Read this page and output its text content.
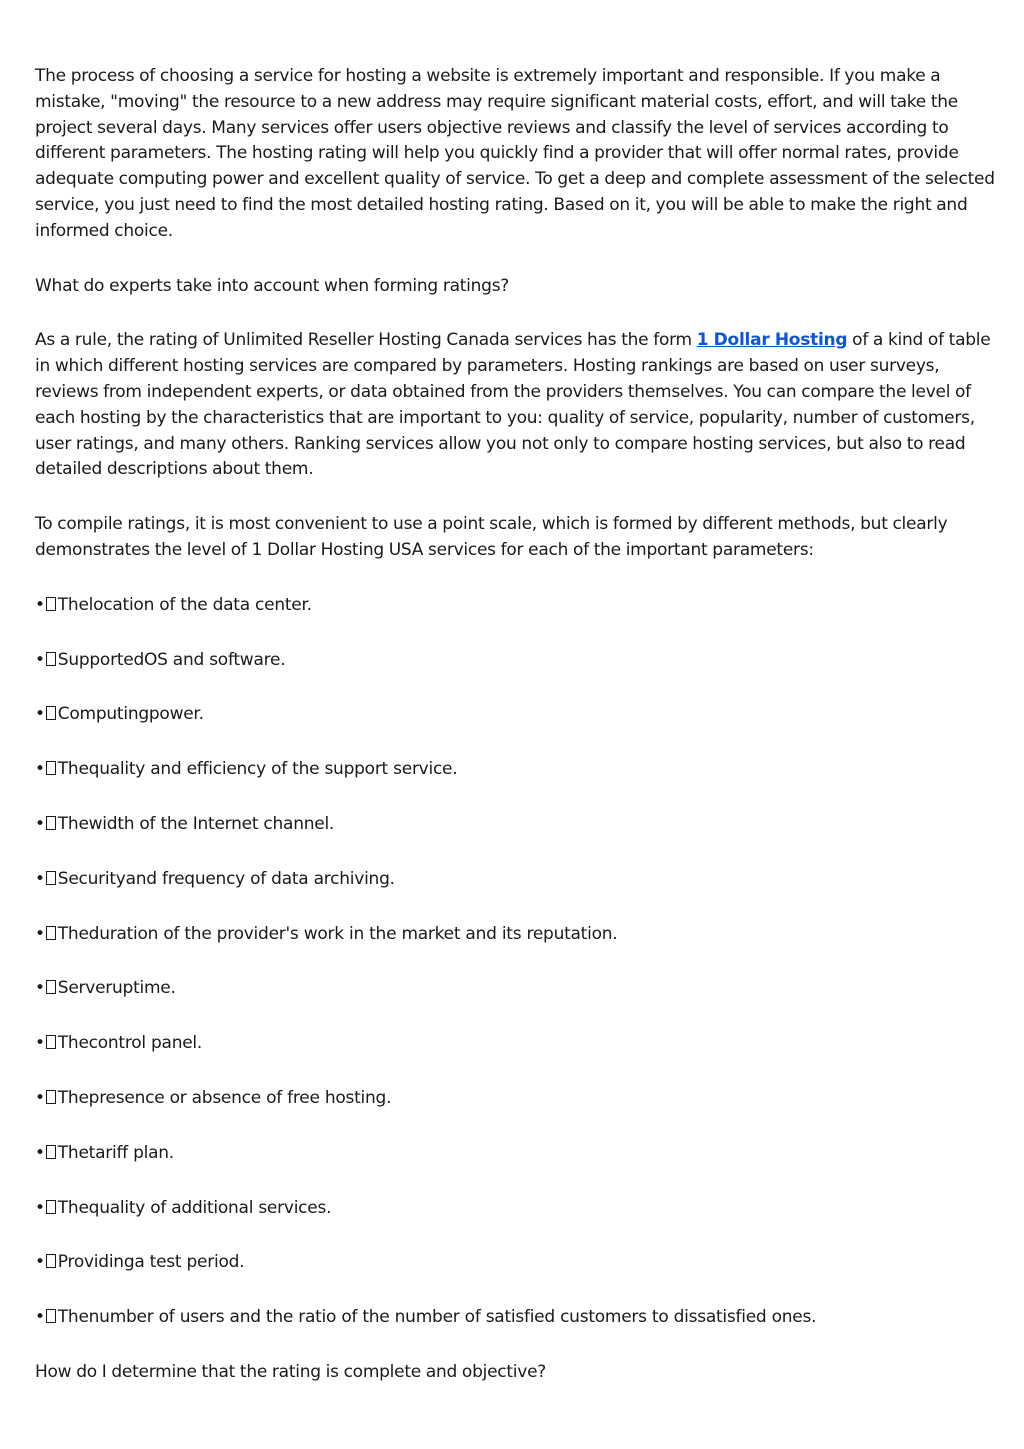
The process of choosing a service for hosting a website is extremely important and responsible. If you make a mistake, "moving" the resource to a new address may require significant material costs, effort, and will take the project several days. Many services offer users objective reviews and classify the level of services according to different parameters. The hosting rating will help you quickly find a provider that will offer normal rates, provide adequate computing power and excellent quality of service. To get a deep and complete assessment of the selected service, you just need to find the most detailed hosting rating. Based on it, you will be able to make the right and informed choice.

What do experts take into account when forming ratings?

As a rule, the rating of Unlimited Reseller Hosting Canada services has the form 1 Dollar Hosting of a kind of table in which different hosting services are compared by parameters. Hosting rankings are based on user surveys, reviews from independent experts, or data obtained from the providers themselves. You can compare the level of each hosting by the characteristics that are important to you: quality of service, popularity, number of customers, user ratings, and many others. Ranking services allow you not only to compare hosting services, but also to read detailed descriptions about them.

To compile ratings, it is most convenient to use a point scale, which is formed by different methods, but clearly demonstrates the level of 1 Dollar Hosting USA services for each of the important parameters:

• Thelocation of the data center.
• SupportedOS and software.
• Computingpower.
• Thequality and efficiency of the support service.
• Thewidth of the Internet channel.
• Securityand frequency of data archiving.
• Theduration of the provider's work in the market and its reputation.
• Serveruptime.
• Thecontrol panel.
• Thepresence or absence of free hosting.
• Thetariff plan.
• Thequality of additional services.
• Providinga test period.
• Thenumber of users and the ratio of the number of satisfied customers to dissatisfied ones.

How do I determine that the rating is complete and objective?
